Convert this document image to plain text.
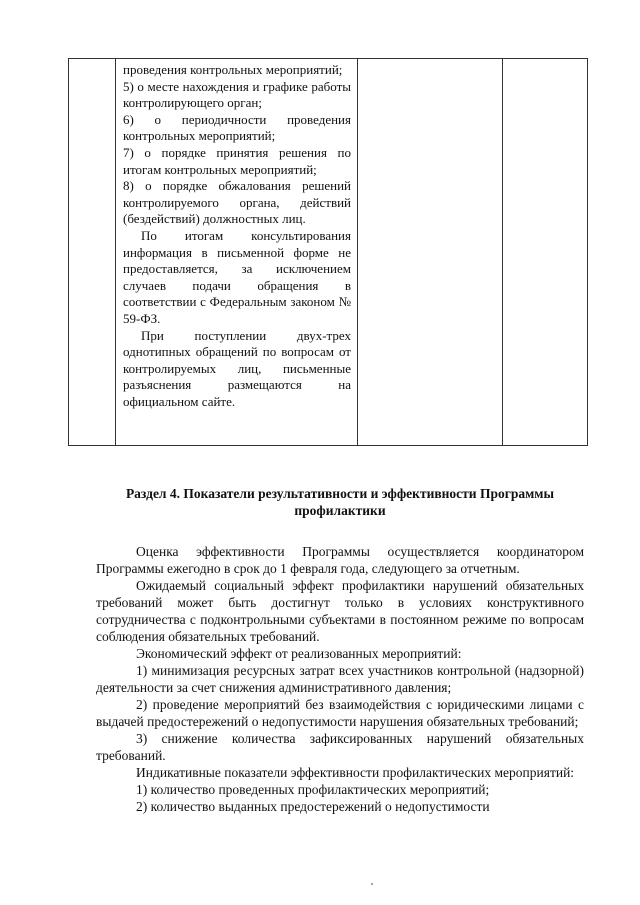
проведения контрольных мероприятий;

5) о месте нахождения и графике работы контролирующего орган;

6) о периодичности проведения контрольных мероприятий;

7) о порядке принятия решения по итогам контрольных мероприятий;

8) о порядке обжалования решений контролируемого органа, действий (бездействий) должностных лиц.

По итогам консультирования информация в письменной форме не предоставляется, за исключением случаев подачи обращения в соответствии с Федеральным законом № 59-ФЗ.

При поступлении двух-трех однотипных обращений по вопросам от контролируемых лиц, письменные разъяснения размещаются на официальном сайте.

Раздел 4. Показатели результативности и эффективности Программы профилактики

Оценка эффективности Программы осуществляется координатором Программы ежегодно в срок до 1 февраля года, следующего за отчетным.

Ожидаемый социальный эффект профилактики нарушений обязательных требований может быть достигнут только в условиях конструктивного сотрудничества с подконтрольными субъектами в постоянном режиме по вопросам соблюдения обязательных требований.

Экономический эффект от реализованных мероприятий:

1) минимизация ресурсных затрат всех участников контрольной (надзорной) деятельности за счет снижения административного давления;

2) проведение мероприятий без взаимодействия с юридическими лицами с выдачей предостережений о недопустимости нарушения обязательных требований;

3) снижение количества зафиксированных нарушений обязательных требований.

Индикативные показатели эффективности профилактических мероприятий:

1) количество проведенных профилактических мероприятий;

2) количество выданных предостережений о недопустимости
